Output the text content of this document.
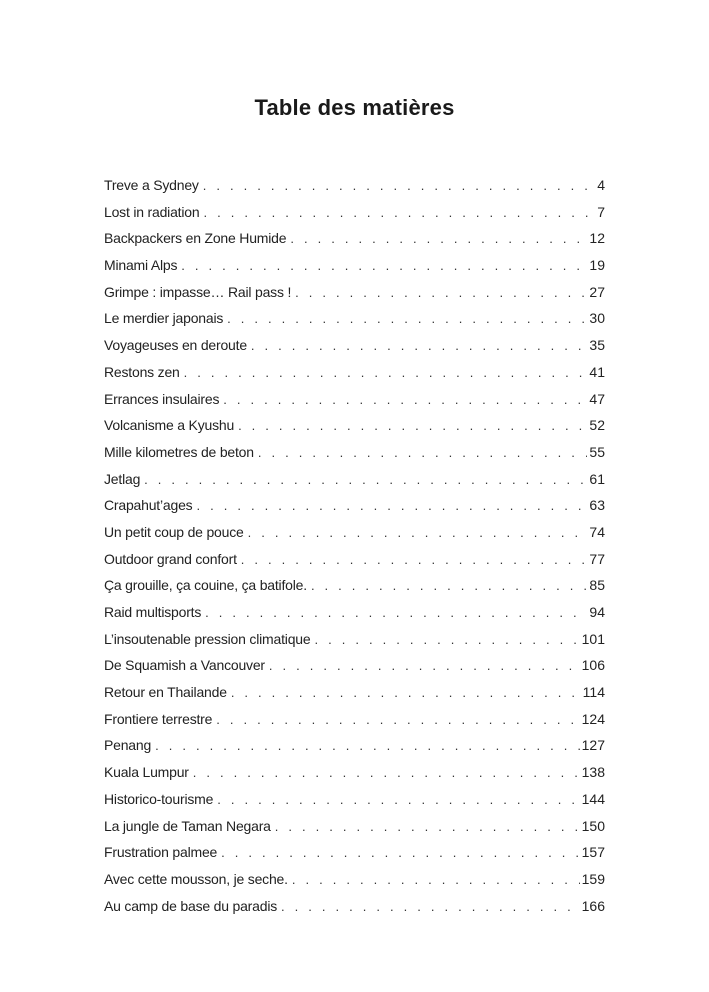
Table des matières
Treve a Sydney . . .	4
Lost in radiation . . .	7
Backpackers en Zone Humide . . .	12
Minami Alps . . .	19
Grimpe : impasse… Rail pass ! . . .	27
Le merdier japonais . . .	30
Voyageuses en deroute . . .	35
Restons zen . . .	41
Errances insulaires . . .	47
Volcanisme a Kyushu . . .	52
Mille kilometres de beton . . .	55
Jetlag . . .	61
Crapahut’ages . . .	63
Un petit coup de pouce . . .	74
Outdoor grand confort . . .	77
Ça grouille, ça couine, ça batifole. . . .	85
Raid multisports . . .	94
L’insoutenable pression climatique . . .	101
De Squamish a Vancouver . . .	106
Retour en Thailande . . .	114
Frontiere terrestre . . .	124
Penang . . .	127
Kuala Lumpur . . .	138
Historico-tourisme . . .	144
La jungle de Taman Negara . . .	150
Frustration palmee . . .	157
Avec cette mousson, je seche. . . .	159
Au camp de base du paradis . . .	166
